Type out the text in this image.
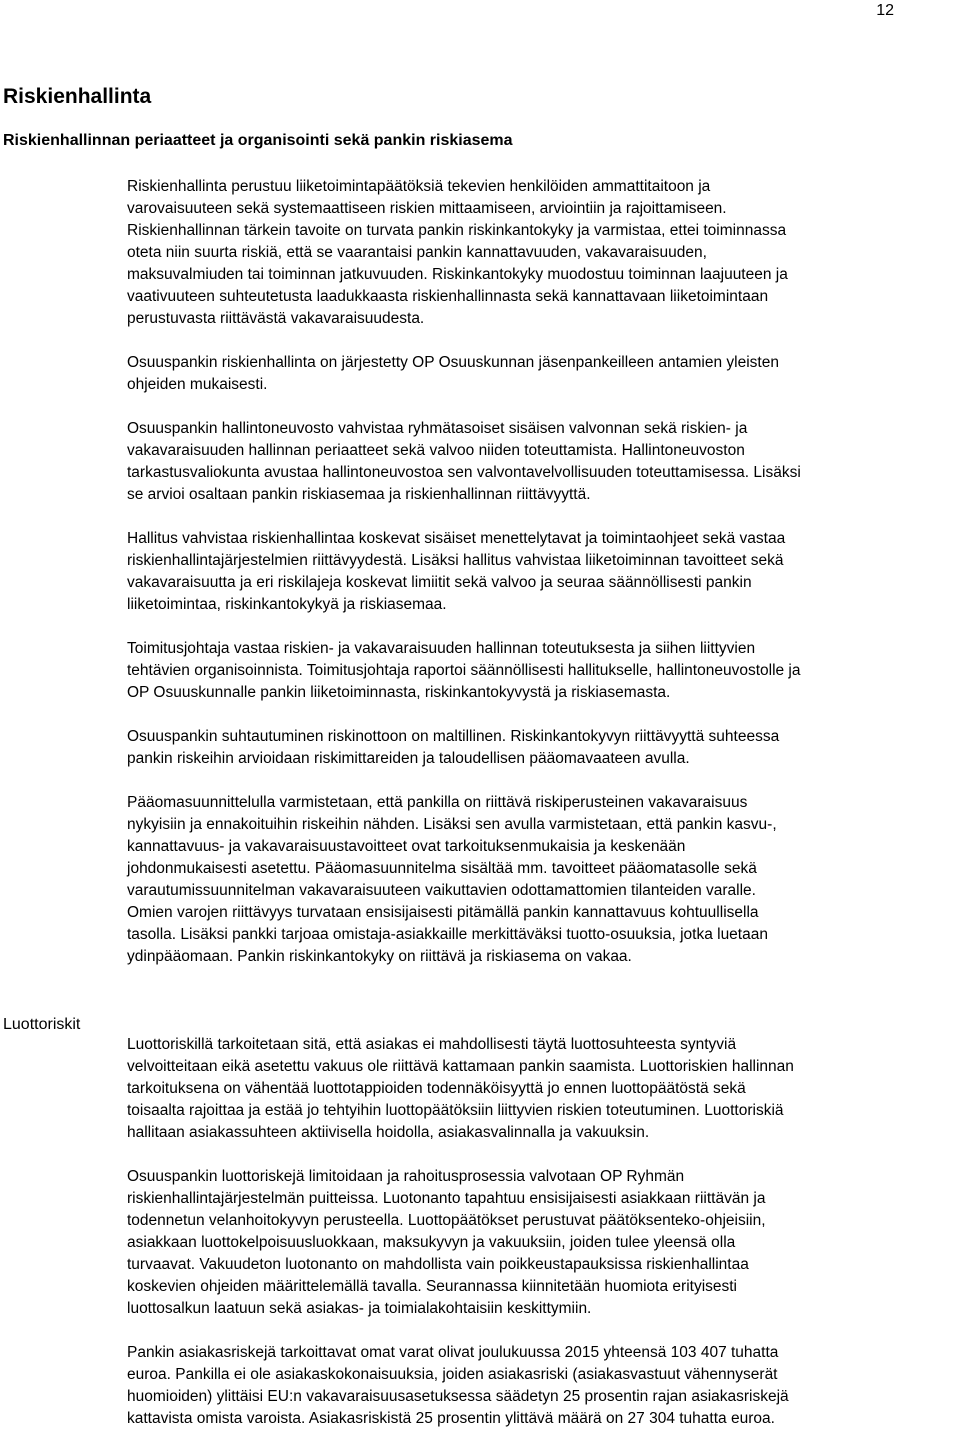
12
Riskienhallinta
Riskienhallinnan periaatteet ja organisointi sekä pankin riskiasema

Riskienhallinta perustuu liiketoimintapäätöksiä tekevien henkilöiden ammattitaitoon ja
varovaisuuteen sekä systemaattiseen riskien mittaamiseen, arviointiin ja rajoittamiseen.
Riskienhallinnan tärkein tavoite on turvata pankin riskinkantokyky ja varmistaa, ettei toiminnassa
oteta niin suurta riskiä, että se vaarantaisi pankin kannattavuuden, vakavaraisuuden,
maksuvalmiuden tai toiminnan jatkuvuuden. Riskinkantokyky muodostuu toiminnan laajuuteen ja
vaativuuteen suhteutetusta laadukkaasta riskienhallinnasta sekä kannattavaan liiketoimintaan
perustuvasta riittävästä vakavaraisuudesta.

Osuuspankin riskienhallinta on järjestetty OP Osuuskunnan jäsenpankeilleen antamien yleisten
ohjeiden mukaisesti.

Osuuspankin hallintoneuvosto vahvistaa ryhmätasoiset sisäisen valvonnan sekä riskien- ja
vakavaraisuuden hallinnan periaatteet sekä valvoo niiden toteuttamista. Hallintoneuvoston
tarkastusvaliokunta avustaa hallintoneuvostoa sen valvontavelvollisuuden toteuttamisessa. Lisäksi
se arvioi osaltaan pankin riskiasemaa ja riskienhallinnan riittävyyttä.

Hallitus vahvistaa riskienhallintaa koskevat sisäiset menettelytavat ja toimintaohjeet sekä vastaa
riskienhallintajärjestelmien riittävyydestä. Lisäksi hallitus vahvistaa liiketoiminnan tavoitteet sekä
vakavaraisuutta ja eri riskilajeja koskevat limiitit sekä valvoo ja seuraa säännöllisesti pankin
liiketoimintaa, riskinkantokykyä ja riskiasemaa.

Toimitusjohtaja vastaa riskien- ja vakavaraisuuden hallinnan toteutuksesta ja siihen liittyvien
tehtävien organisoinnista. Toimitusjohtaja raportoi säännöllisesti hallitukselle, hallintoneuvostolle ja
OP Osuuskunnalle pankin liiketoiminnasta, riskinkantokyvystä ja riskiasemasta.

Osuuspankin suhtautuminen riskinottoon on maltillinen. Riskinkantokyvyn riittävyyttä suhteessa
pankin riskeihin arvioidaan riskimittareiden ja taloudellisen pääomavaateen avulla.

Pääomasuunnittelulla varmistetaan, että pankilla on riittävä riskiperusteinen vakavaraisuus
nykyisiin ja ennakoituihin riskeihin nähden. Lisäksi sen avulla varmistetaan, että pankin kasvu-,
kannattavuus- ja vakavaraisuustavoitteet ovat tarkoituksenmukaisia ja keskenään
johdonmukaisesti asetettu. Pääomasuunnitelma sisältää mm. tavoitteet pääomatasolle sekä
varautumissuunnitelman vakavaraisuuteen vaikuttavien odottamattomien tilanteiden varalle.
Omien varojen riittävyys turvataan ensisijaisesti pitämällä pankin kannattavuus kohtuullisella
tasolla. Lisäksi pankki tarjoaa omistaja-asiakkaille merkittäväksi tuotto-osuuksia, jotka luetaan
ydinpääomaan. Pankin riskinkantokyky on riittävä ja riskiasema on vakaa.

Luottoriskit

Luottoriskillä tarkoitetaan sitä, että asiakas ei mahdollisesti täytä luottosuhteesta syntyviä
velvoitteitaan eikä asetettu vakuus ole riittävä kattamaan pankin saamista. Luottoriskien hallinnan
tarkoituksena on vähentää luottotappioiden todennäköisyyttä jo ennen luottopäätöstä sekä
toisaalta rajoittaa ja estää jo tehtyihin luottopäätöksiin liittyvien riskien toteutuminen. Luottoriskiä
hallitaan asiakassuhteen aktiivisella hoidolla, asiakasvalinnalla ja vakuuksin.

Osuuspankin luottoriskejä limitoidaan ja rahoitusprosessia valvotaan OP Ryhmän
riskienhallintajärjestelmän puitteissa. Luotonanto tapahtuu ensisijaisesti asiakkaan riittävän ja
todennetun velanhoitokyvyn perusteella. Luottopäätökset perustuvat päätöksenteko-ohjeisiin,
asiakkaan luottokelpoisuusluokkaan, maksukyvyn ja vakuuksiin, joiden tulee yleensä olla
turvaavat. Vakuudeton luotonanto on mahdollista vain poikkeustapauksissa riskienhallintaa
koskevien ohjeiden määrittelemällä tavalla. Seurannassa kiinnitetään huomiota erityisesti
luottosalkun laatuun sekä asiakas- ja toimialakohtaisiin keskittymiin.

Pankin asiakasriskejä tarkoittavat omat varat olivat joulukuussa 2015 yhteensä 103 407 tuhatta
euroa. Pankilla ei ole asiakaskokonaisuuksia, joiden asiakasriski (asiakasvastuut vähennyserät
huomioiden) ylittäisi EU:n vakavaraisuusasetuksessa säädetyn 25 prosentin rajan asiakasriskejä
kattavista omista varoista. Asiakasriskistä 25 prosentin ylittävä määrä on 27 304 tuhatta euroa.
